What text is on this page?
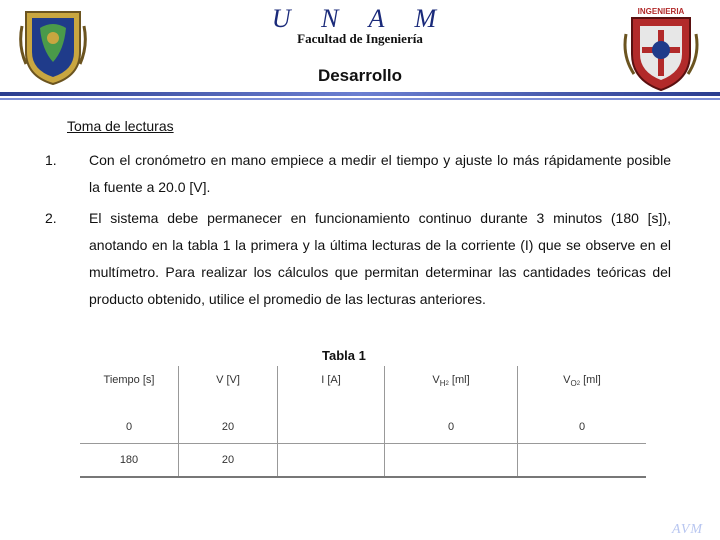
U N A M
Facultad de Ingeniería
INGENIERIA
Desarrollo
Toma de lecturas
1. Con el cronómetro en mano empiece a medir el tiempo y ajuste lo más rápidamente posible la fuente a 20.0 [V].
2. El sistema debe permanecer en funcionamiento continuo durante 3 minutos (180 [s]), anotando en la tabla 1 la primera y la última lecturas de la corriente (I) que se observe en el multímetro. Para realizar los cálculos que permitan determinar las cantidades teóricas del producto obtenido, utilice el promedio de las lecturas anteriores.
Tabla 1
Tiempo [s]	V [V]	I [A]	$V_H2$ [ml]	$V_O2$ [ml]
0	20		0	0
180	20			
AVM
